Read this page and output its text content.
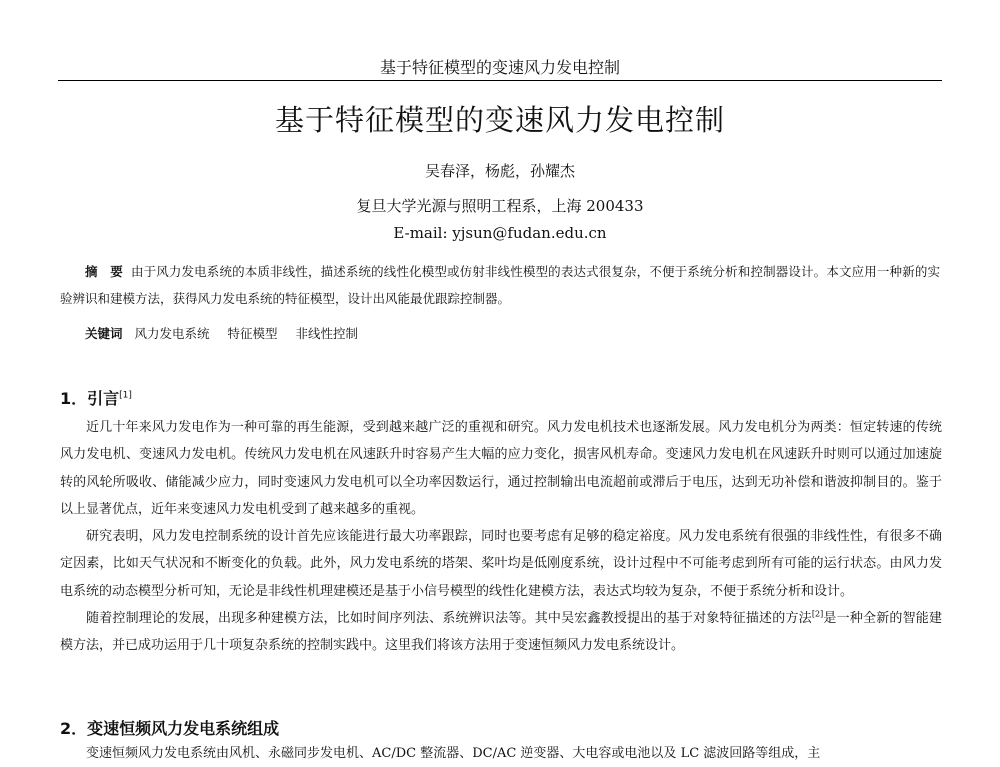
基于特征模型的变速风力发电控制
基于特征模型的变速风力发电控制
吴春泽，杨彪，孙耀杰
复旦大学光源与照明工程系，上海 200433
E-mail: yjsun@fudan.edu.cn
摘　要 由于风力发电系统的本质非线性，描述系统的线性化模型或仿射非线性模型的表达式很复杂，不便于系统分析和控制器设计。本文应用一种新的实验辨识和建模方法，获得风力发电系统的特征模型，设计出风能最优跟踪控制器。
关键词 风力发电系统 特征模型 非线性控制
1．引言[1]

近几十年来风力发电作为一种可靠的再生能源，受到越来越广泛的重视和研究。风力发电机技术也逐渐发展。风力发电机分为两类：恒定转速的传统风力发电机、变速风力发电机。传统风力发电机在风速跃升时容易产生大幅的应力变化，损害风机寿命。变速风力发电机在风速跃升时则可以通过加速旋转的风轮所吸收、储能减少应力，同时变速风力发电机可以全功率因数运行，通过控制输出电流超前或滞后于电压，达到无功补偿和谐波抑制目的。鉴于以上显著优点，近年来变速风力发电机受到了越来越多的重视。

研究表明，风力发电控制系统的设计首先应该能进行最大功率跟踪，同时也要考虑有足够的稳定裕度。风力发电系统有很强的非线性性，有很多不确定因素，比如天气状况和不断变化的负载。此外，风力发电系统的塔架、桨叶均是低刚度系统，设计过程中不可能考虑到所有可能的运行状态。由风力发电系统的动态模型分析可知，无论是非线性机理建模还是基于小信号模型的线性化建模方法，表达式均较为复杂，不便于系统分析和设计。

随着控制理论的发展，出现多种建模方法，比如时间序列法、系统辨识法等。其中吴宏鑫教授提出的基于对象特征描述的方法[2]是一种全新的智能建模方法，并已成功运用于几十项复杂系统的控制实践中。这里我们将该方法用于变速恒频风力发电系统设计。

2．变速恒频风力发电系统组成
变速恒频风力发电系统由风机、永磁同步发电机、AC/DC 整流器、DC/AC 逆变器、大电容或电池以及 LC 滤波回路等组成，主
